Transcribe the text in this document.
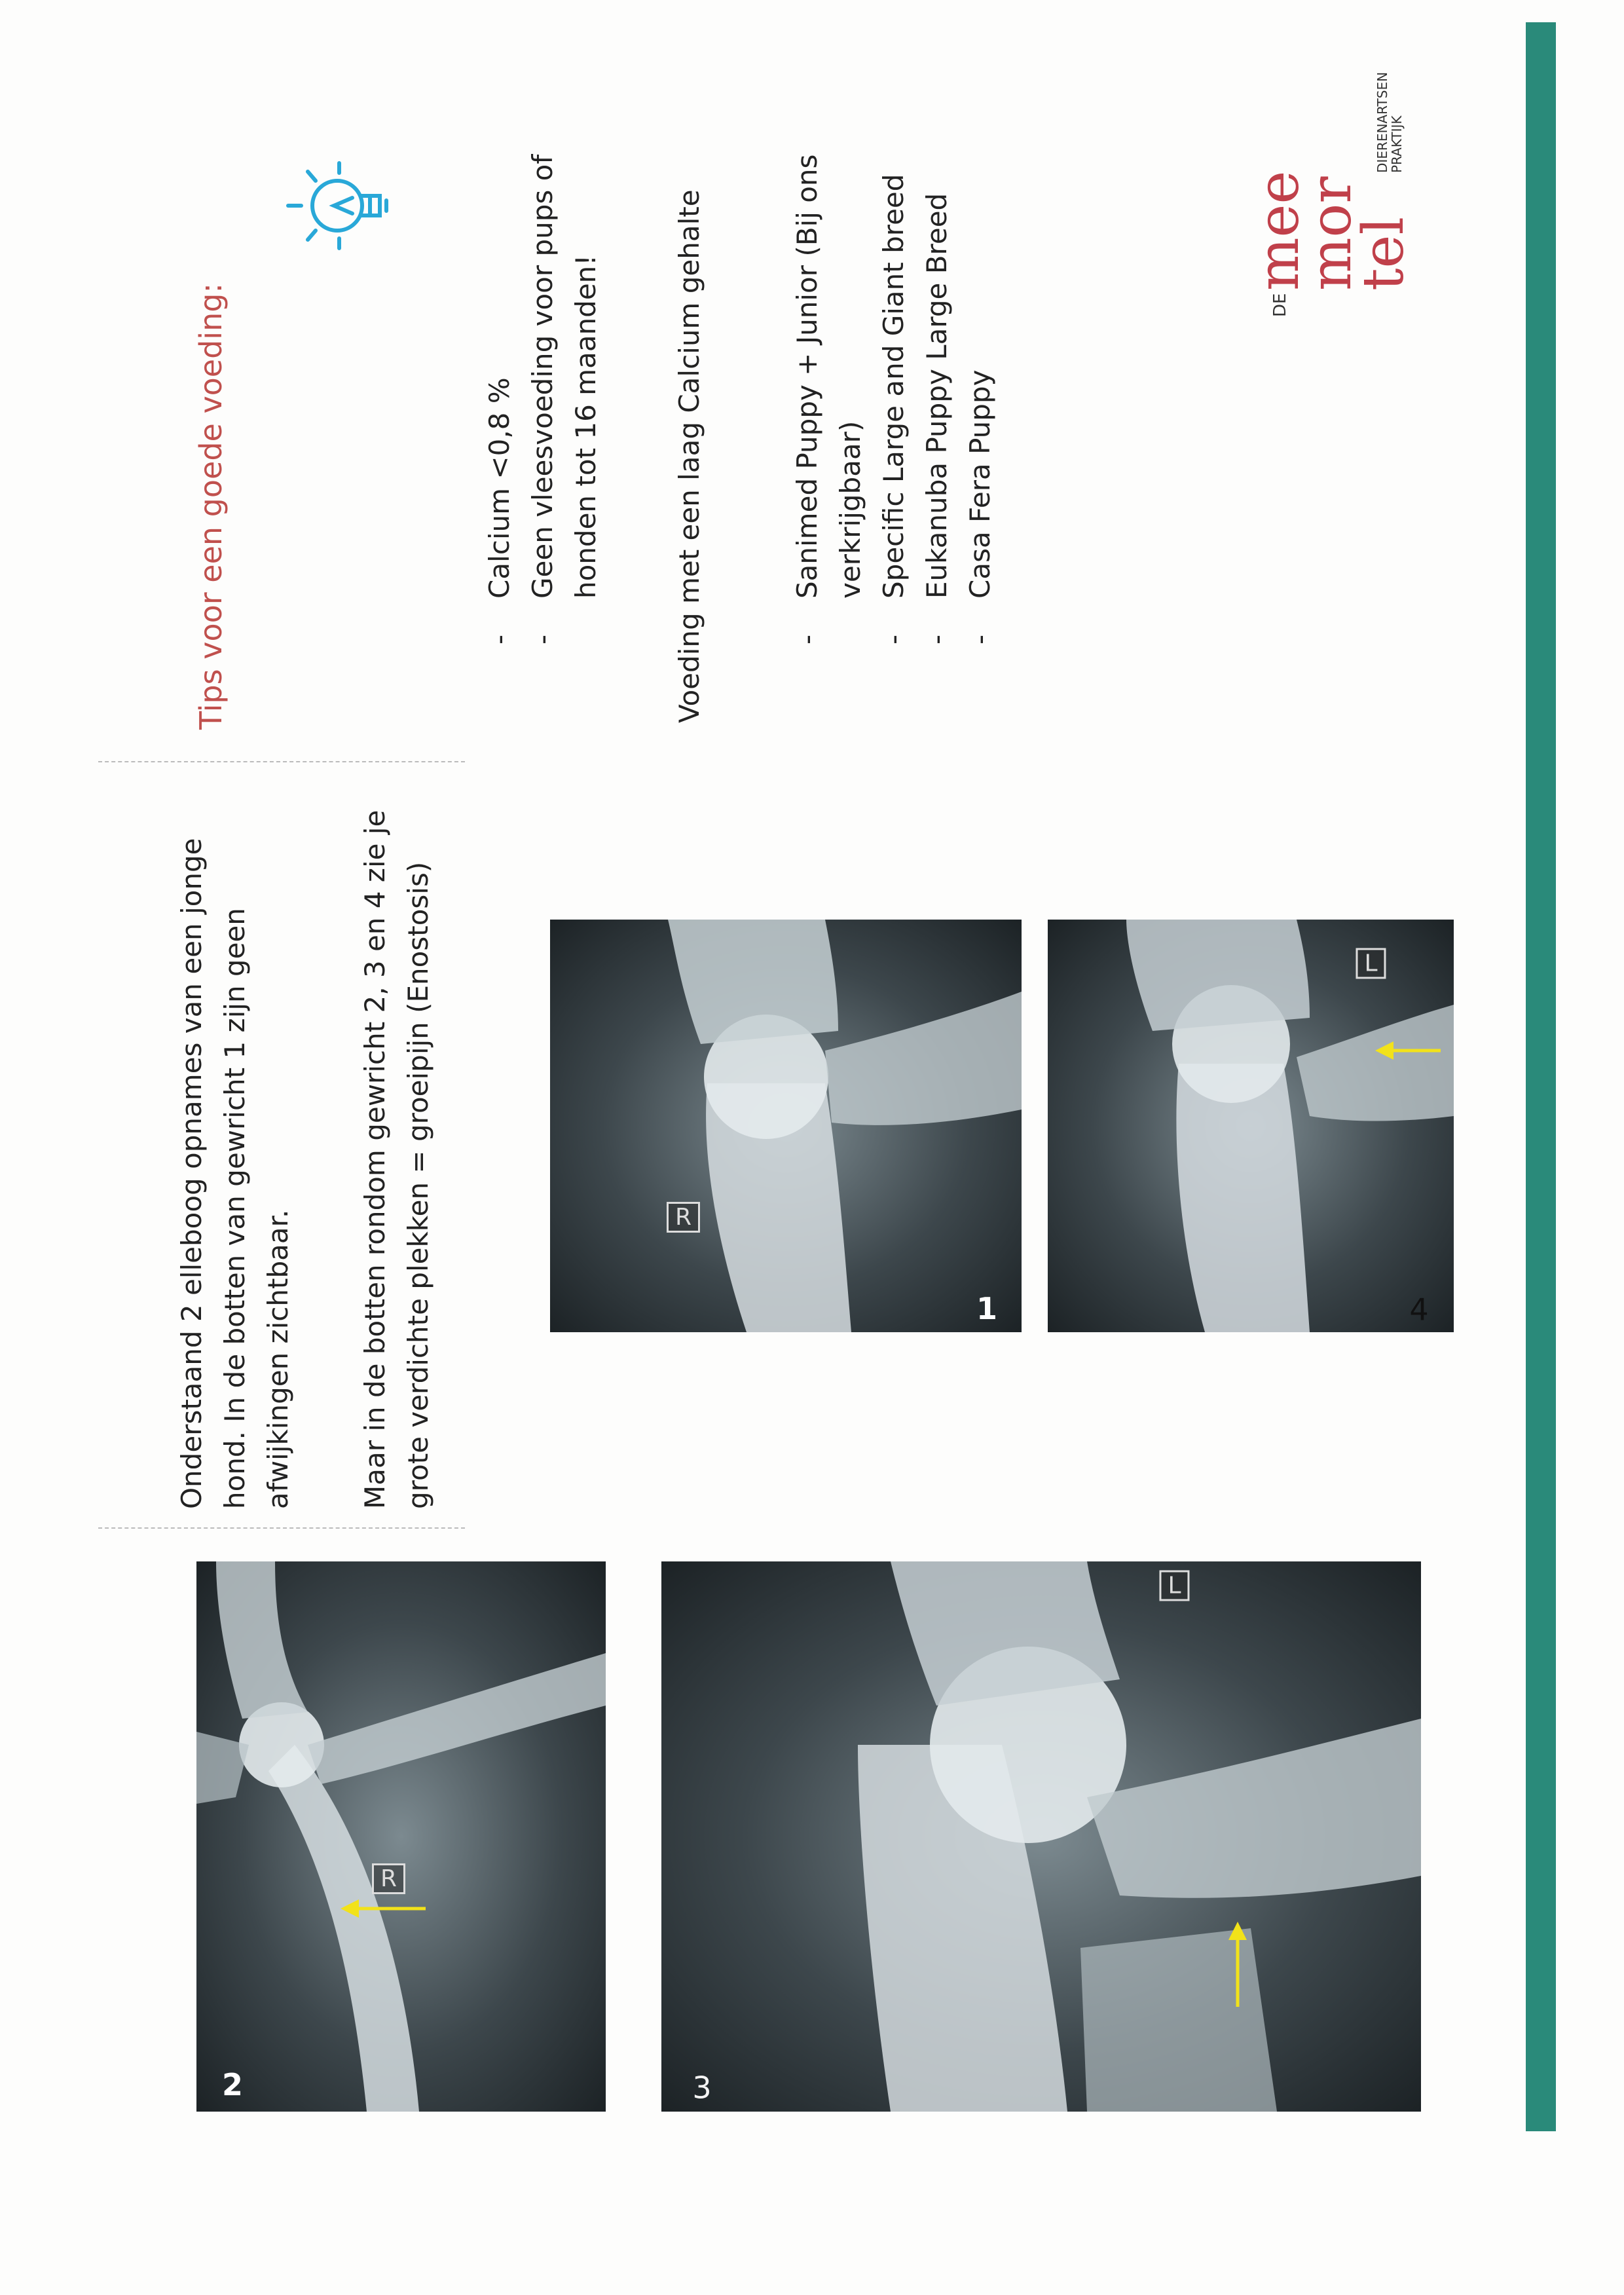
2
R
3
L

Onderstaand 2 elleboog opnames van een jonge hond. In de botten van gewricht 1 zijn geen afwijkingen zichtbaar. Maar in de botten rondom gewricht 2, 3 en 4 zie je grote verdichte plekken = groeipijn (Enostosis)	1
R
4
L
Tips voor een goede voeding:	- Calcium <0,8 % - Geen vleesvoeding voor pups of honden tot 16 maanden!	Voeding met een laag Calcium gehalte	- Sanimed Puppy + Junior (Bij ons verkrijgbaar) - Specific Large and Giant breed - Eukanuba Puppy Large Breed - Casa Fera Puppy
DE
mee
mor
tel
DIERENARTSEN
PRAKTIJK
